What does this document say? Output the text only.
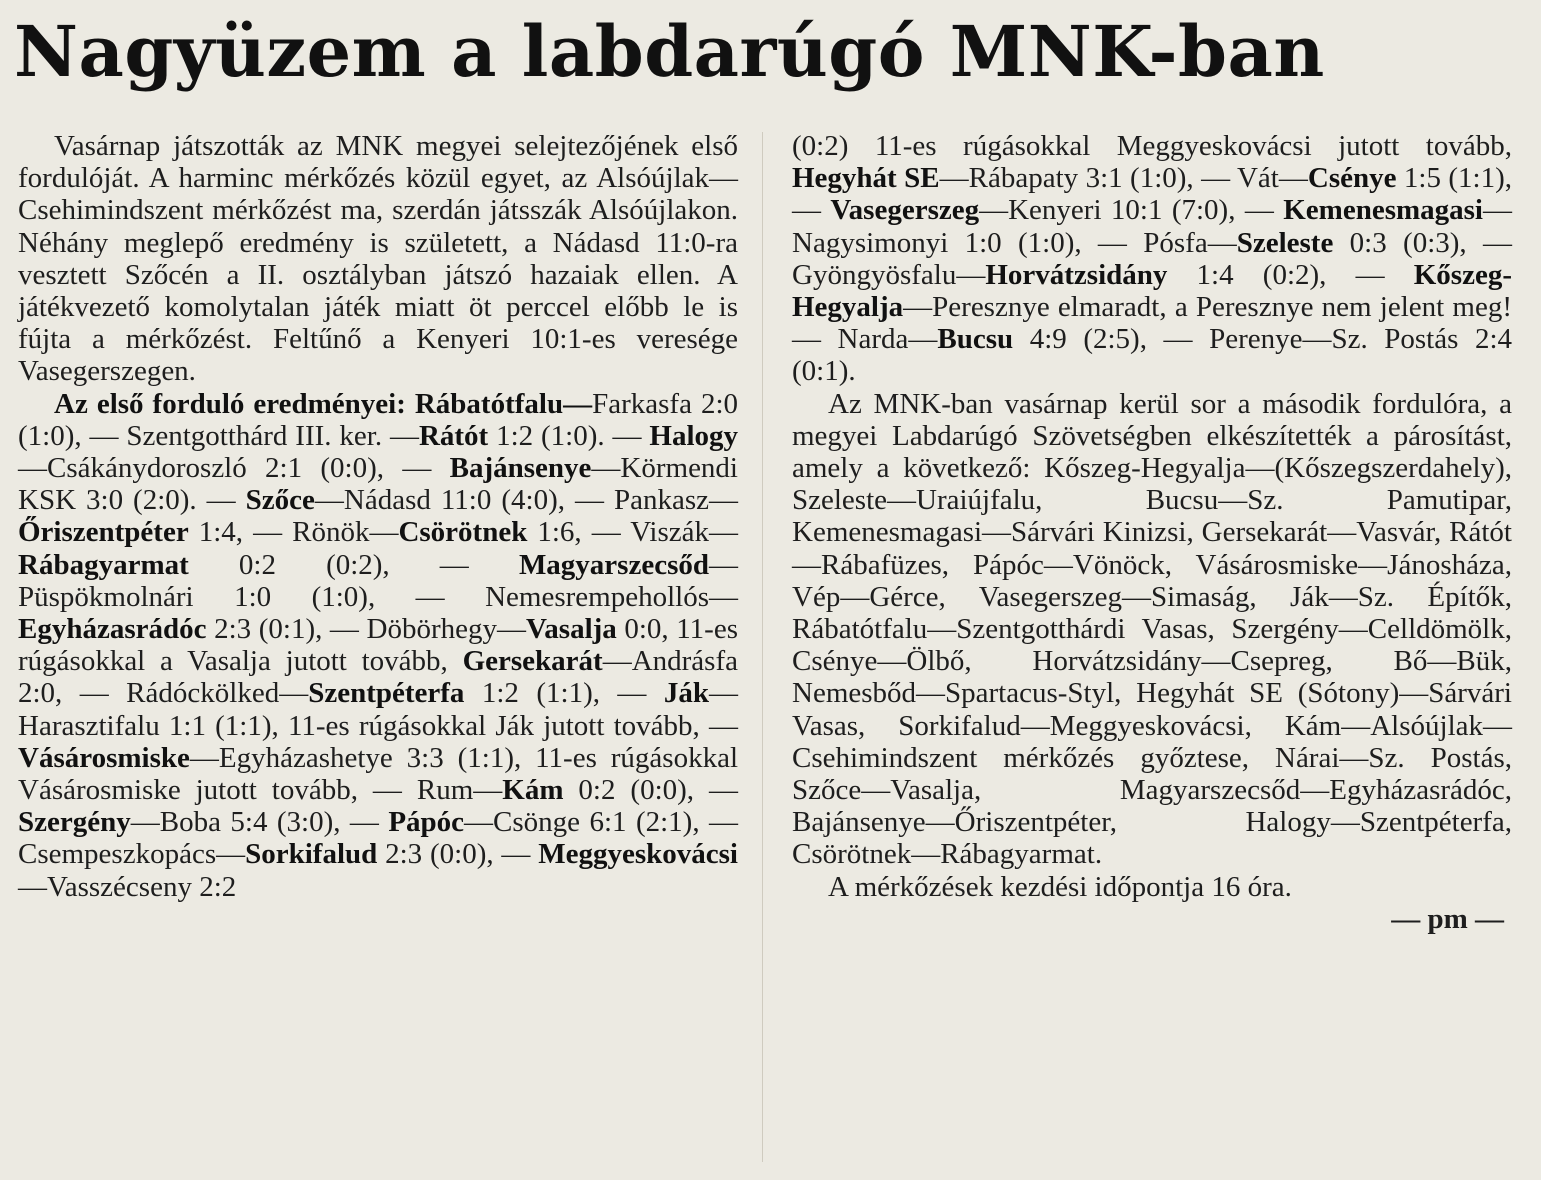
Nagyüzem a labdarúgó MNK-ban

Vasárnap játszották az MNK megyei selejtezőjének első fordulóját. A harminc mérkőzés közül egyet, az Alsóújlak—Csehimindszent mérkőzést ma, szerdán játsszák Alsóújlakon. Néhány meglepő eredmény is született, a Nádasd 11:0-ra vesztett Szőcén a II. osztályban játszó hazaiak ellen. A játékvezető komolytalan játék miatt öt perccel előbb le is fújta a mérkőzést. Feltűnő a Kenyeri 10:1-es veresége Vasegerszegen.

Az első forduló eredményei: Rábatótfalu—Farkasfa 2:0 (1:0), — Szentgotthárd III. ker. —Rátót 1:2 (1:0). — Halogy—Csákánydoroszló 2:1 (0:0), — Bajánsenye—Körmendi KSK 3:0 (2:0). — Szőce—Nádasd 11:0 (4:0), — Pankasz—Őriszentpéter 1:4, — Rönök—Csörötnek 1:6, — Viszák—Rábagyarmat 0:2 (0:2), — Magyarszecsőd—Püspökmolnári 1:0 (1:0), — Nemesrempehollós—Egyházasrádóc 2:3 (0:1), — Döbörhegy—Vasalja 0:0, 11-es rúgásokkal a Vasalja jutott tovább, Gersekarát—Andrásfa 2:0, — Rádóckölked—Szentpéterfa 1:2 (1:1), — Ják—Harasztifalu 1:1 (1:1), 11-es rúgásokkal Ják jutott tovább, — Vásárosmiske—Egyházashetye 3:3 (1:1), 11-es rúgásokkal Vásárosmiske jutott tovább, — Rum—Kám 0:2 (0:0), — Szergény—Boba 5:4 (3:0), — Pápóc—Csönge 6:1 (2:1), — Csempeszkopács—Sorkifalud 2:3 (0:0), — Meggyeskovácsi—Vasszécseny 2:2

(0:2) 11-es rúgásokkal Meggyeskovácsi jutott tovább, Hegyhát SE—Rábapaty 3:1 (1:0), — Vát—Csénye 1:5 (1:1), — Vasegerszeg—Kenyeri 10:1 (7:0), — Kemenesmagasi—Nagysimonyi 1:0 (1:0), — Pósfa—Szeleste 0:3 (0:3), — Gyöngyösfalu—Horvátzsidány 1:4 (0:2), — Kőszeg-Hegyalja—Peresznye elmaradt, a Peresznye nem jelent meg! — Narda—Bucsu 4:9 (2:5), — Perenye—Sz. Postás 2:4 (0:1).

Az MNK-ban vasárnap kerül sor a második fordulóra, a megyei Labdarúgó Szövetségben elkészítették a párosítást, amely a következő: Kőszeg-Hegyalja—(Kőszegszerdahely), Szeleste—Uraiújfalu, Bucsu—Sz. Pamutipar, Kemenesmagasi—Sárvári Kinizsi, Gersekarát—Vasvár, Rátót—Rábafüzes, Pápóc—Vönöck, Vásárosmiske—Jánosháza, Vép—Gérce, Vasegerszeg—Simaság, Ják—Sz. Építők, Rábatótfalu—Szentgotthárdi Vasas, Szergény—Celldömölk, Csénye—Ölbő, Horvátzsidány—Csepreg, Bő—Bük, Nemesbőd—Spartacus-Styl, Hegyhát SE (Sótony)—Sárvári Vasas, Sorkifalud—Meggyeskovácsi, Kám—Alsóújlak—Csehimindszent mérkőzés győztese, Nárai—Sz. Postás, Szőce—Vasalja, Magyarszecsőd—Egyházasrádóc, Bajánsenye—Őriszentpéter, Halogy—Szentpéterfa, Csörötnek—Rábagyarmat.

A mérkőzések kezdési időpontja 16 óra.

— pm —
